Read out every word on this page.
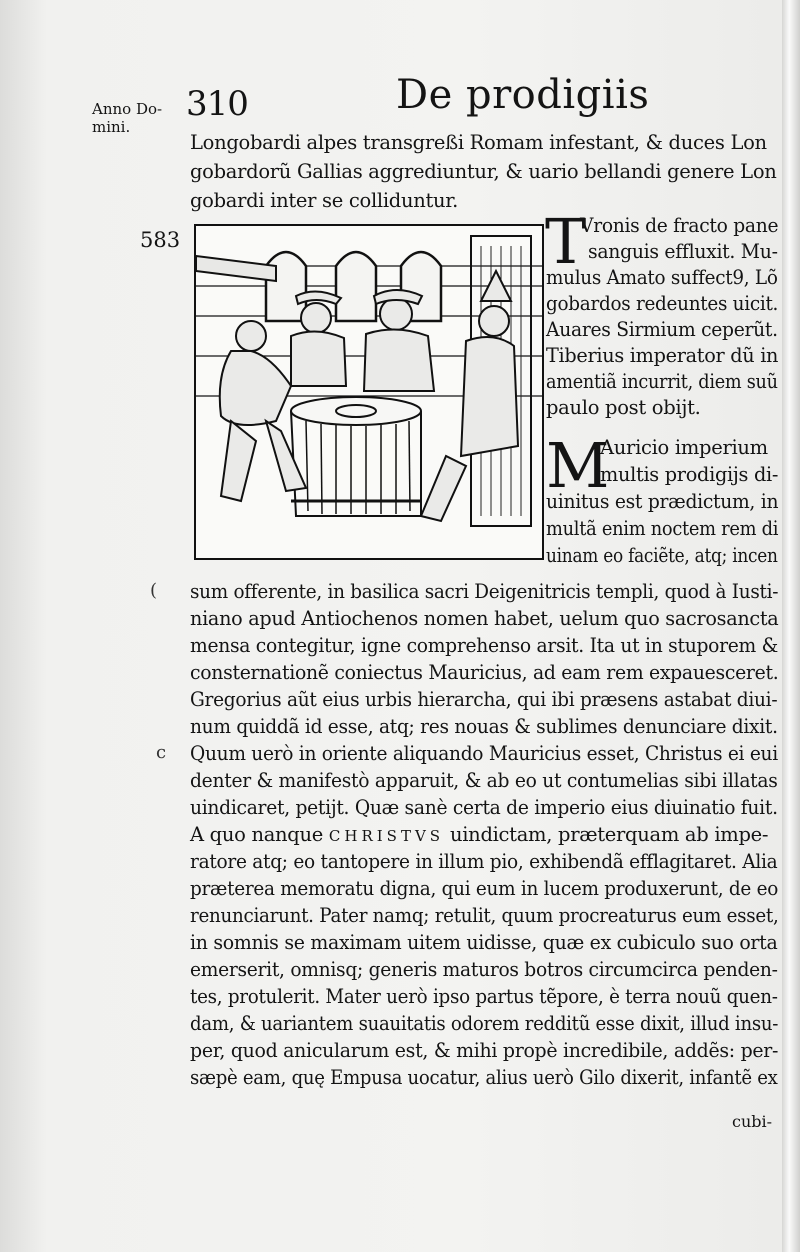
Anno Do-
mini.
310	De prodigiis
Longobardi alpes transgreßi Romam infestant, & duces Lon
gobardorũ Gallias aggrediuntur, & uario bellandi genere Lon
gobardi inter se colliduntur.
583	T
Vronis de fracto pane
sanguis effluxit. Mu-
mulus Amato suffect9, Lõ
gobardos redeuntes uicit.
Auares Sirmium ceperũt.
Tiberius imperator dũ in
amentiã incurrit, diem suũ
paulo post obijt.
M
Auricio imperium
multis prodigijs di-
uinitus est prædictum, in
multã enim noctem rem di
uinam eo faciẽte, atq; incen
(
c
sum offerente, in basilica sacri Deigenitricis templi, quod à Iusti-
niano apud Antiochenos nomen habet, uelum quo sacrosancta
mensa contegitur, igne comprehenso arsit. Ita ut in stuporem &
consternationẽ coniectus Mauricius, ad eam rem expauesceret.
Gregorius aũt eius urbis hierarcha, qui ibi præsens astabat diui-
num quiddã id esse, atq; res nouas & sublimes denunciare dixit.
Quum uerò in oriente aliquando Mauricius esset, Christus ei eui
denter & manifestò apparuit, & ab eo ut contumelias sibi illatas
uindicaret, petijt. Quæ sanè certa de imperio eius diuinatio fuit.
A quo nanque CHRISTVS uindictam, præterquam ab impe-
ratore atq; eo tantopere in illum pio, exhibendã efflagitaret. Alia
præterea memoratu digna, qui eum in lucem produxerunt, de eo
renunciarunt. Pater namq; retulit, quum procreaturus eum esset,
in somnis se maximam uitem uidisse, quæ ex cubiculo suo orta
emerserit, omnisq; generis maturos botros circumcirca penden-
tes, protulerit. Mater uerò ipso partus tẽpore, è terra nouũ quen-
dam, & uariantem suauitatis odorem redditũ esse dixit, illud insu-
per, quod anicularum est, & mihi propè incredibile, addẽs: per-
sæpè eam, quę Empusa uocatur, alius uerò Gilo dixerit, infantẽ ex
cubi-
